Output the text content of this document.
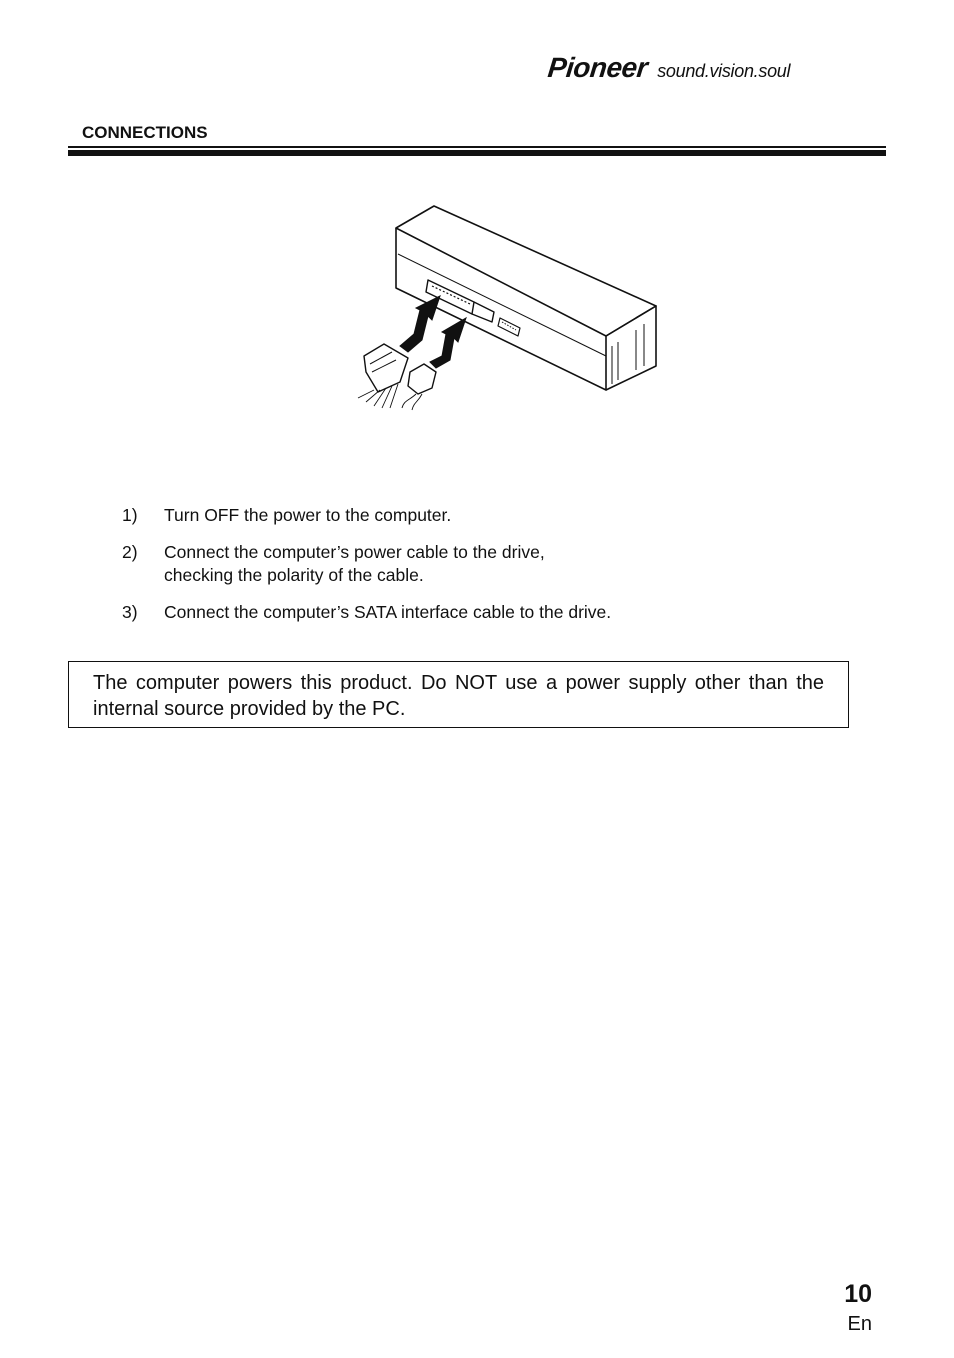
Pioneer sound.vision.soul
CONNECTIONS
1)	Turn OFF the power to the computer.
2)	Connect the computer’s power cable to the drive,
checking the polarity of the cable.
3)	Connect the computer’s SATA interface cable to the drive.
The computer powers this product. Do NOT use a power supply other than the internal source provided by the PC.
10
En
